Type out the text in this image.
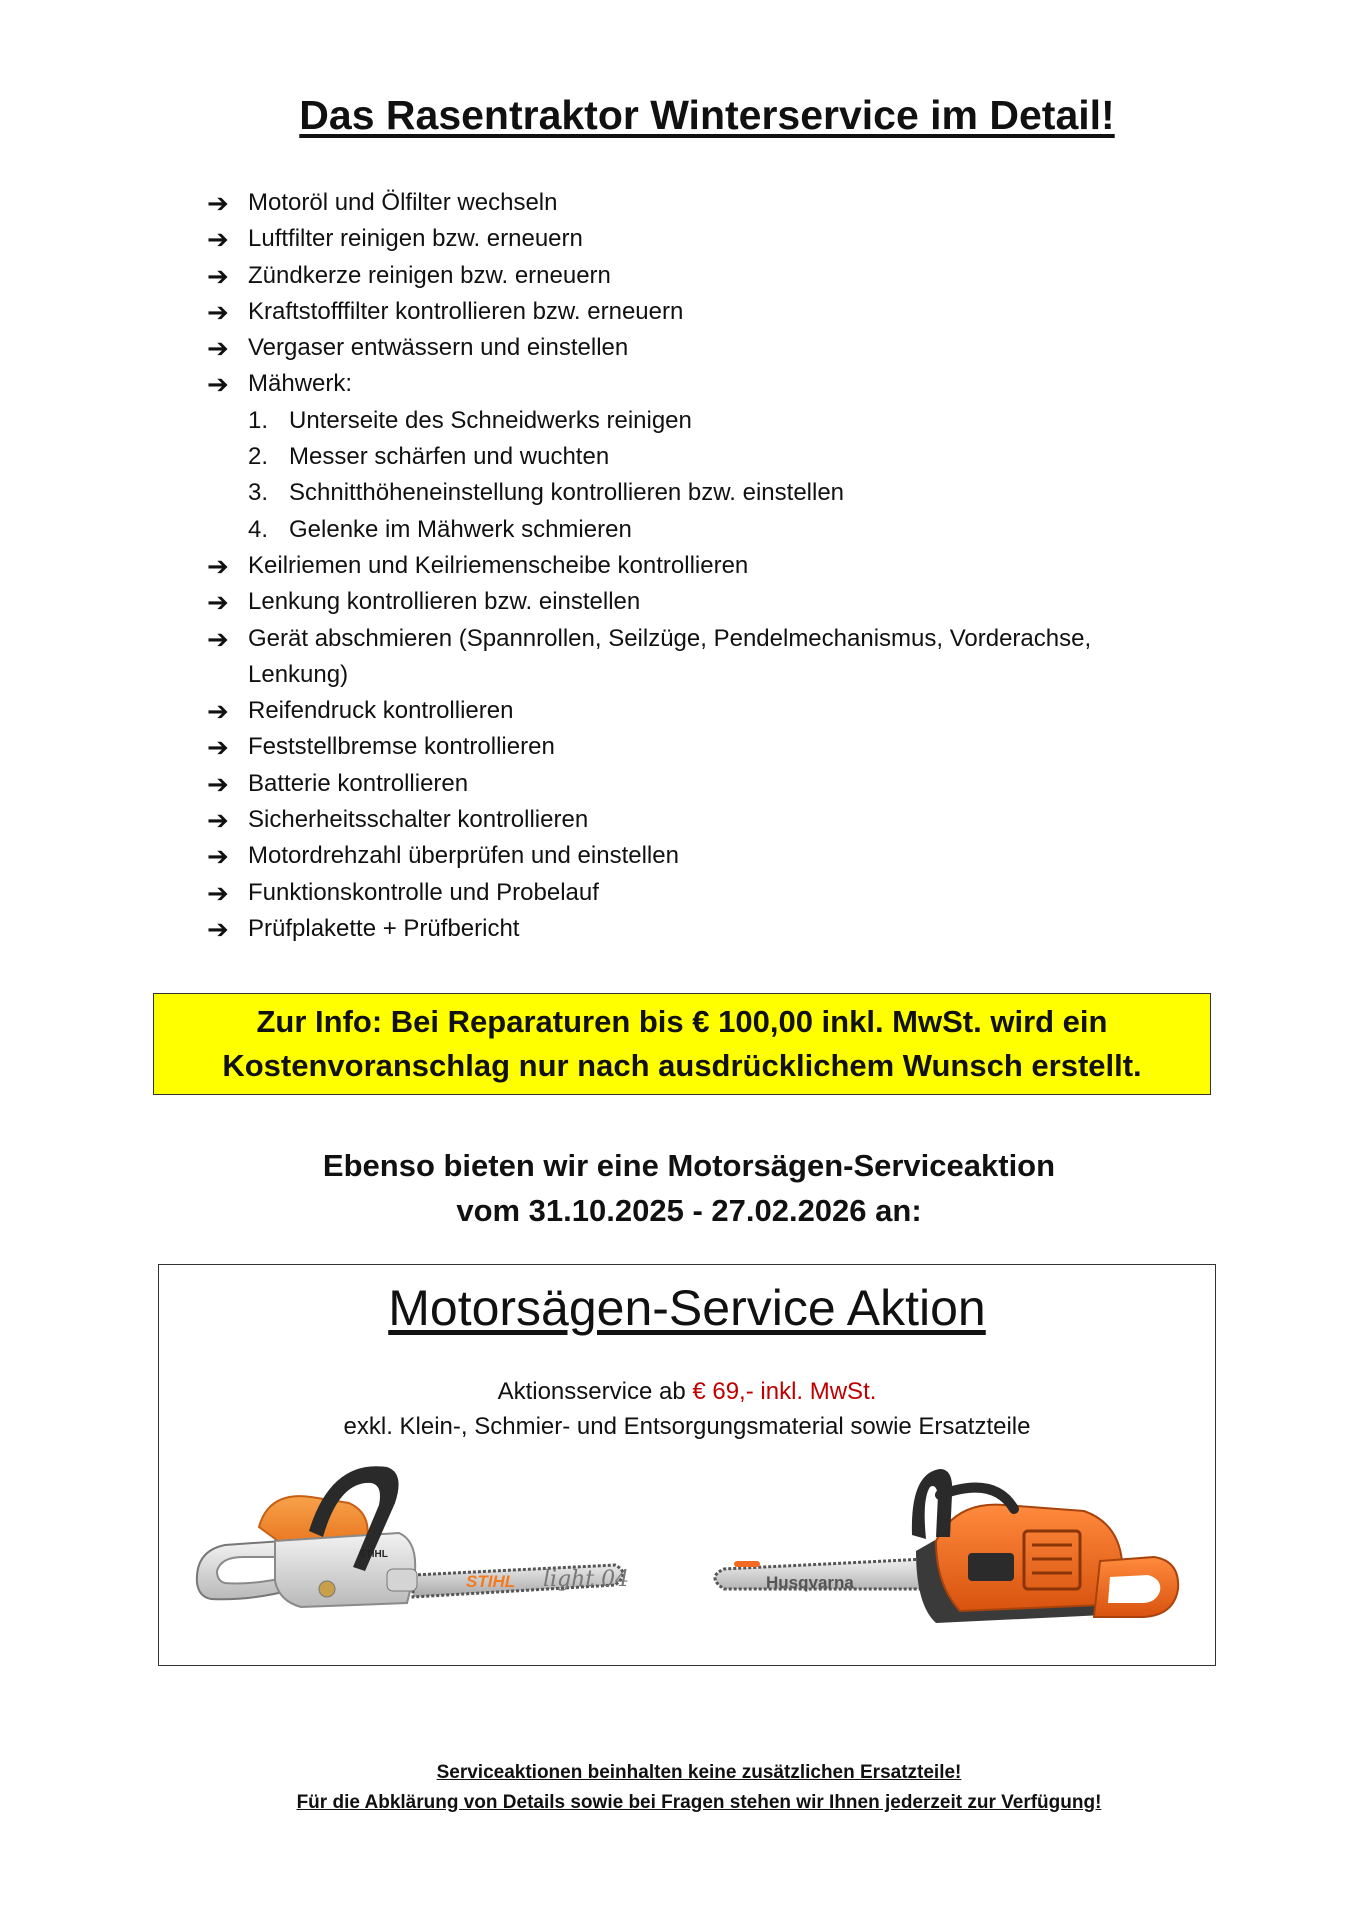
Das Rasentraktor Winterservice im Detail!
➔ Motoröl und Ölfilter wechseln
➔ Luftfilter reinigen bzw. erneuern
➔ Zündkerze reinigen bzw. erneuern
➔ Kraftstofffilter kontrollieren bzw. erneuern
➔ Vergaser entwässern und einstellen
➔ Mähwerk:
1. Unterseite des Schneidwerks reinigen
2. Messer schärfen und wuchten
3. Schnitthöheneinstellung kontrollieren bzw. einstellen
4. Gelenke im Mähwerk schmieren
➔ Keilriemen und Keilriemenscheibe kontrollieren
➔ Lenkung kontrollieren bzw. einstellen
➔ Gerät abschmieren (Spannrollen, Seilzüge, Pendelmechanismus, Vorderachse, Lenkung)
➔ Reifendruck kontrollieren
➔ Feststellbremse kontrollieren
➔ Batterie kontrollieren
➔ Sicherheitsschalter kontrollieren
➔ Motordrehzahl überprüfen und einstellen
➔ Funktionskontrolle und Probelauf
➔ Prüfplakette + Prüfbericht
Zur Info: Bei Reparaturen bis € 100,00 inkl. MwSt. wird ein
Kostenvoranschlag nur nach ausdrücklichem Wunsch erstellt.
Ebenso bieten wir eine Motorsägen-Serviceaktion
vom 31.10.2025 - 27.02.2026 an:
Motorsägen-Service Aktion
Aktionsservice ab € 69,- inkl. MwSt.
exkl. Klein-, Schmier- und Entsorgungsmaterial sowie Ersatzteile
STIHL light 04
STIHL
Husqvarna
Serviceaktionen beinhalten keine zusätzlichen Ersatzteile!
Für die Abklärung von Details sowie bei Fragen stehen wir Ihnen jederzeit zur Verfügung!
